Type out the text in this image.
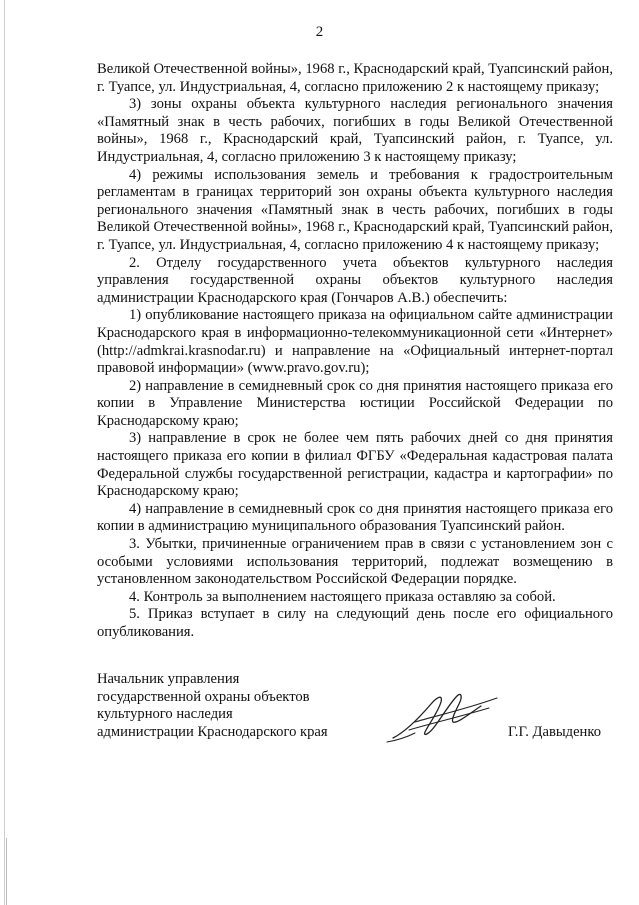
2

Великой Отечественной войны», 1968 г., Краснодарский край, Туапсинский район, г. Туапсе, ул. Индустриальная, 4, согласно приложению 2 к настоящему приказу;

3) зоны охраны объекта культурного наследия регионального значения «Памятный знак в честь рабочих, погибших в годы Великой Отечественной войны», 1968 г., Краснодарский край, Туапсинский район, г. Туапсе, ул. Индустриальная, 4, согласно приложению 3 к настоящему приказу;

4) режимы использования земель и требования к градостроительным регламентам в границах территорий зон охраны объекта культурного наследия регионального значения «Памятный знак в честь рабочих, погибших в годы Великой Отечественной войны», 1968 г., Краснодарский край, Туапсинский район, г. Туапсе, ул. Индустриальная, 4, согласно приложению 4 к настоящему приказу;

2. Отделу государственного учета объектов культурного наследия управления государственной охраны объектов культурного наследия администрации Краснодарского края (Гончаров А.В.) обеспечить:

1) опубликование настоящего приказа на официальном сайте администрации Краснодарского края в информационно-телекоммуникационной сети «Интернет» (http://admkrai.krasnodar.ru) и направление на «Официальный интернет-портал правовой информации» (www.pravo.gov.ru);

2) направление в семидневный срок со дня принятия настоящего приказа его копии в Управление Министерства юстиции Российской Федерации по Краснодарскому краю;

3) направление в срок не более чем пять рабочих дней со дня принятия настоящего приказа его копии в филиал ФГБУ «Федеральная кадастровая палата Федеральной службы государственной регистрации, кадастра и картографии» по Краснодарскому краю;

4) направление в семидневный срок со дня принятия настоящего приказа его копии в администрацию муниципального образования Туапсинский район.

3. Убытки, причиненные ограничением прав в связи с установлением зон с особыми условиями использования территорий, подлежат возмещению в установленном законодательством Российской Федерации порядке.

4. Контроль за выполнением настоящего приказа оставляю за собой.

5. Приказ вступает в силу на следующий день после его официального опубликования.

Начальник управления
государственной охраны объектов
культурного наследия
администрации Краснодарского края	Г.Г. Давыденко
